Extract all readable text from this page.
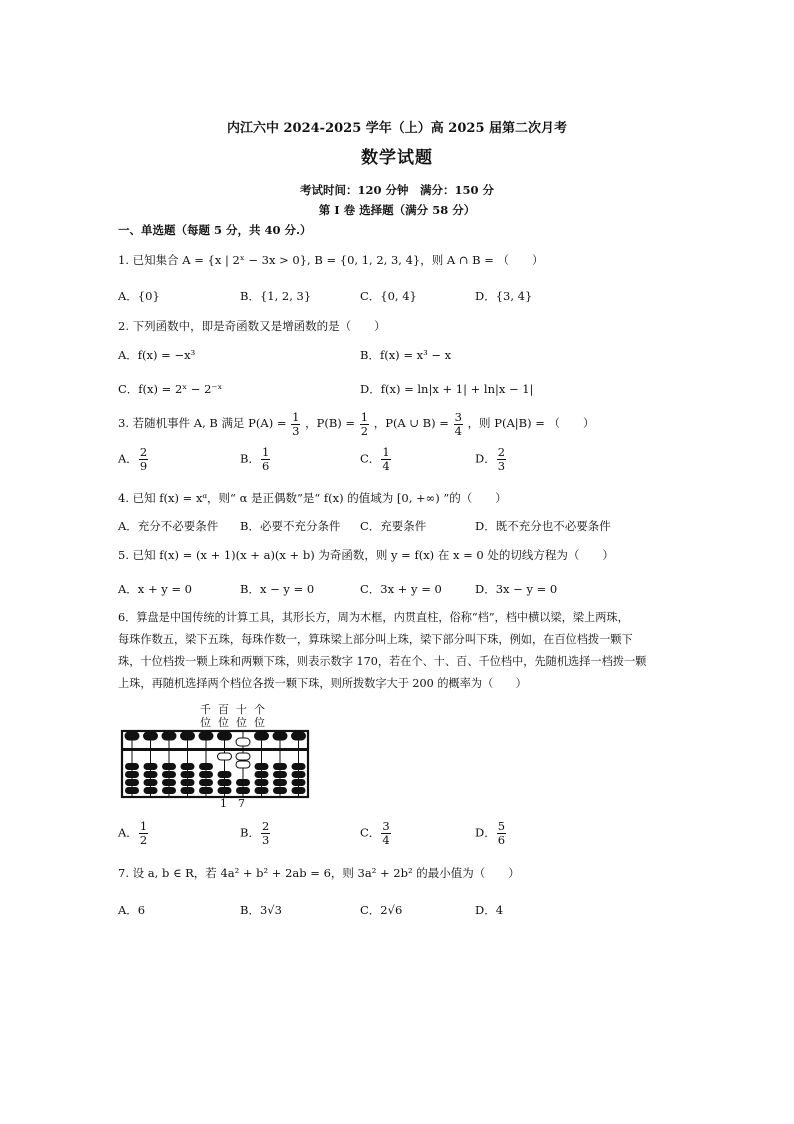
内江六中 2024-2025 学年（上）高 2025 届第二次月考
数学试题
考试时间：120 分钟　满分：150 分
第 I 卷 选择题（满分 58 分）
一、单选题（每题 5 分，共 40 分.）
1. 已知集合 A = {x | 2ˣ − 3x > 0}, B = {0, 1, 2, 3, 4}，则 A ∩ B = （　　）
A．{0}	B．{1, 2, 3}	C．{0, 4}	D．{3, 4}
2. 下列函数中，即是奇函数又是增函数的是（　　）
A．f(x) = −x³	B．f(x) = x³ − x
C．f(x) = 2ˣ − 2⁻ˣ	D．f(x) = ln|x + 1| + ln|x − 1|
3. 若随机事件 A, B 满足 $P(A) = \frac{1}{3}$ ，$P(B) = \frac{1}{2}$ ，P(A ∪ $B) = \frac{3}{4}$ ，则 P(A|B) = （　　）
A． $\frac{2}{9}$	B． $\frac{1}{6}$	C． $\frac{1}{4}$	D． $\frac{2}{3}$
4. 已知 f(x) = xᵅ，则“ α 是正偶数”是“ f(x) 的值域为 [0, +∞) ”的（　　）
A．充分不必要条件 B．必要不充分条件 C．充要条件	D．既不充分也不必要条件
5. 已知 f(x) = (x + 1)(x + a)(x + b) 为奇函数，则 y = f(x) 在 x = 0 处的切线方程为（　　）
A．x + y = 0	B．x − y = 0	C．3x + y = 0	D．3x − y = 0
6．算盘是中国传统的计算工具，其形长方，周为木框，内贯直柱，俗称“档”，档中横以梁，梁上两珠，
每珠作数五，梁下五珠，每珠作数一，算珠梁上部分叫上珠，梁下部分叫下珠，例如，在百位档拨一颗下
珠，十位档拨一颗上珠和两颗下珠，则表示数字 170，若在个、十、百、千位档中，先随机选择一档拨一颗
上珠，再随机选择两个档位各拨一颗下珠，则所拨数字大于 200 的概率为（　　）
千 百 十 个
位 位 位 位
1 7
A． $\frac{1}{2}$	B． $\frac{2}{3}$	C． $\frac{3}{4}$	D． $\frac{5}{6}$
7. 设 a, b ∈ R，若 4a² + b² + 2ab = 6，则 3a² + 2b² 的最小值为（　　）
A．6	B．3√3	C．2√6	D．4
